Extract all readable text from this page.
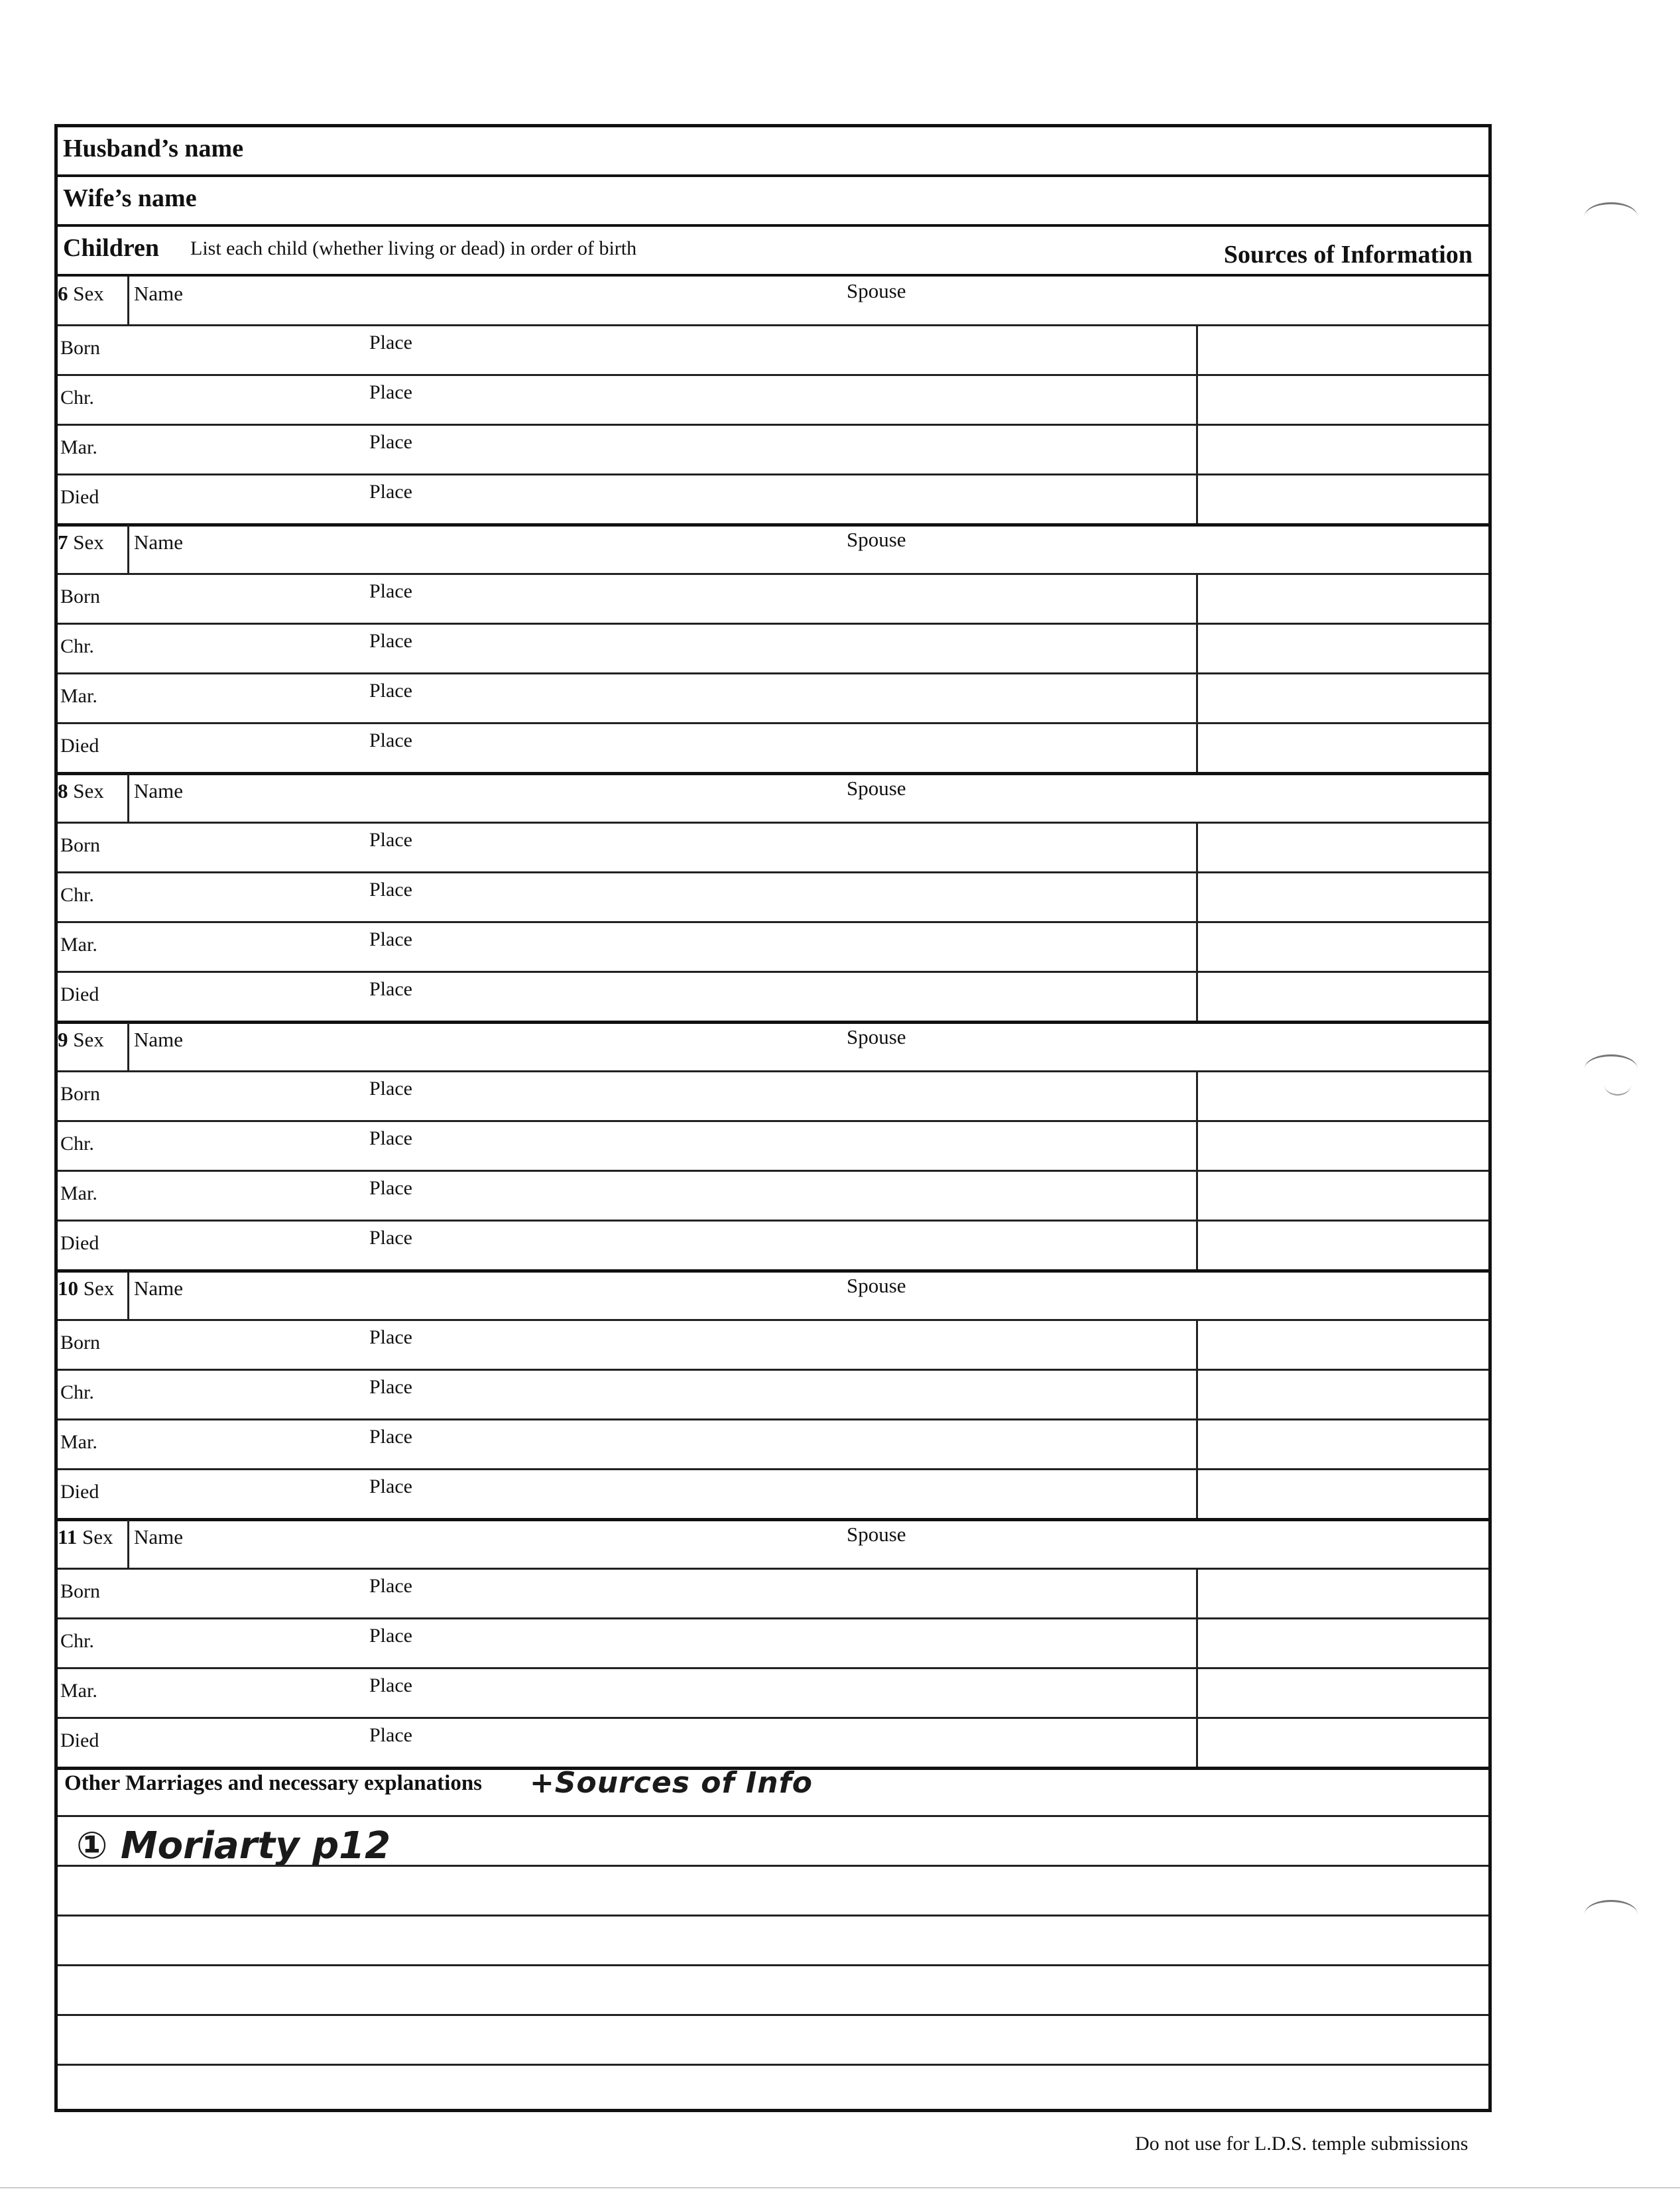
Husband’s name
Wife’s name
Children List each child (whether living or dead) in order of birth	Sources of Information
6 Sex Name	Spouse
Born	Place
Chr.	Place
Mar.	Place
Died	Place
7 Sex Name	Spouse
Born	Place
Chr.	Place
Mar.	Place
Died	Place
8 Sex Name	Spouse
Born	Place
Chr.	Place
Mar.	Place
Died	Place
9 Sex Name	Spouse
Born	Place
Chr.	Place
Mar.	Place
Died	Place
10 Sex Name	Spouse
Born	Place
Chr.	Place
Mar.	Place
Died	Place
11 Sex Name	Spouse
Born	Place
Chr.	Place
Mar.	Place
Died	Place
Other Marriages and necessary explanations +Sources of Info
① Moriarty p12
Do not use for L.D.S. temple submissions
